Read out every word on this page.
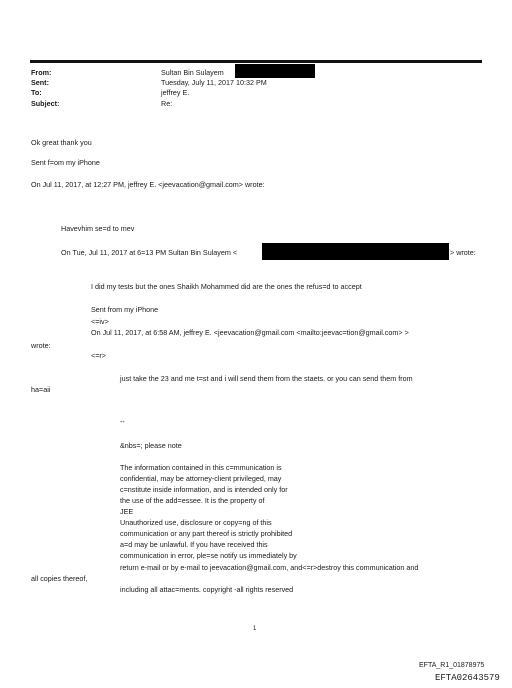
From:
Sent:
To:
Subject:
Sultan Bin Sulayem
Tuesday, July 11, 2017 10:32 PM
jeffrey E.
Re:
Ok great thank you
Sent f=om my iPhone
On Jul 11, 2017, at 12:27 PM, jeffrey E. <jeevacation@gmail.com> wrote:
Havevhim se=d to mev
On Tue, Jul 11, 2017 at 6=13 PM Sultan Bin Sulayem <	> wrote:
I did my tests but the ones Shaikh Mohammed did are the ones the refus=d to accept
Sent from my iPhone
<=iv>
On Jul 11, 2017, at 6:58 AM, jeffrey E. <jeevacation@gmail.com <mailto:jeevac=tion@gmail.com> >
wrote:
<=r>
just take the 23 and me t=st and i will send them from the staets. or you can send them from
ha=aii
--
&nbs=; please note
The information contained in this c=mmunication is
confidential, may be attorney-client privileged, may
c=nstitute inside information, and is intended only for
the use of the add=essee. It is the property of
JEE
Unauthorized use, disclosure or copy=ng of this
communication or any part thereof is strictly prohibited
a=d may be unlawful. If you have received this
communication in error, ple=se notify us immediately by
return e-mail or by e-mail to jeevacation@gmail.com, and<=r>destroy this communication and
all copies thereof,
including all attac=ments. copyright -all rights reserved
1
EFTA_R1_01878975
EFTA02643579
